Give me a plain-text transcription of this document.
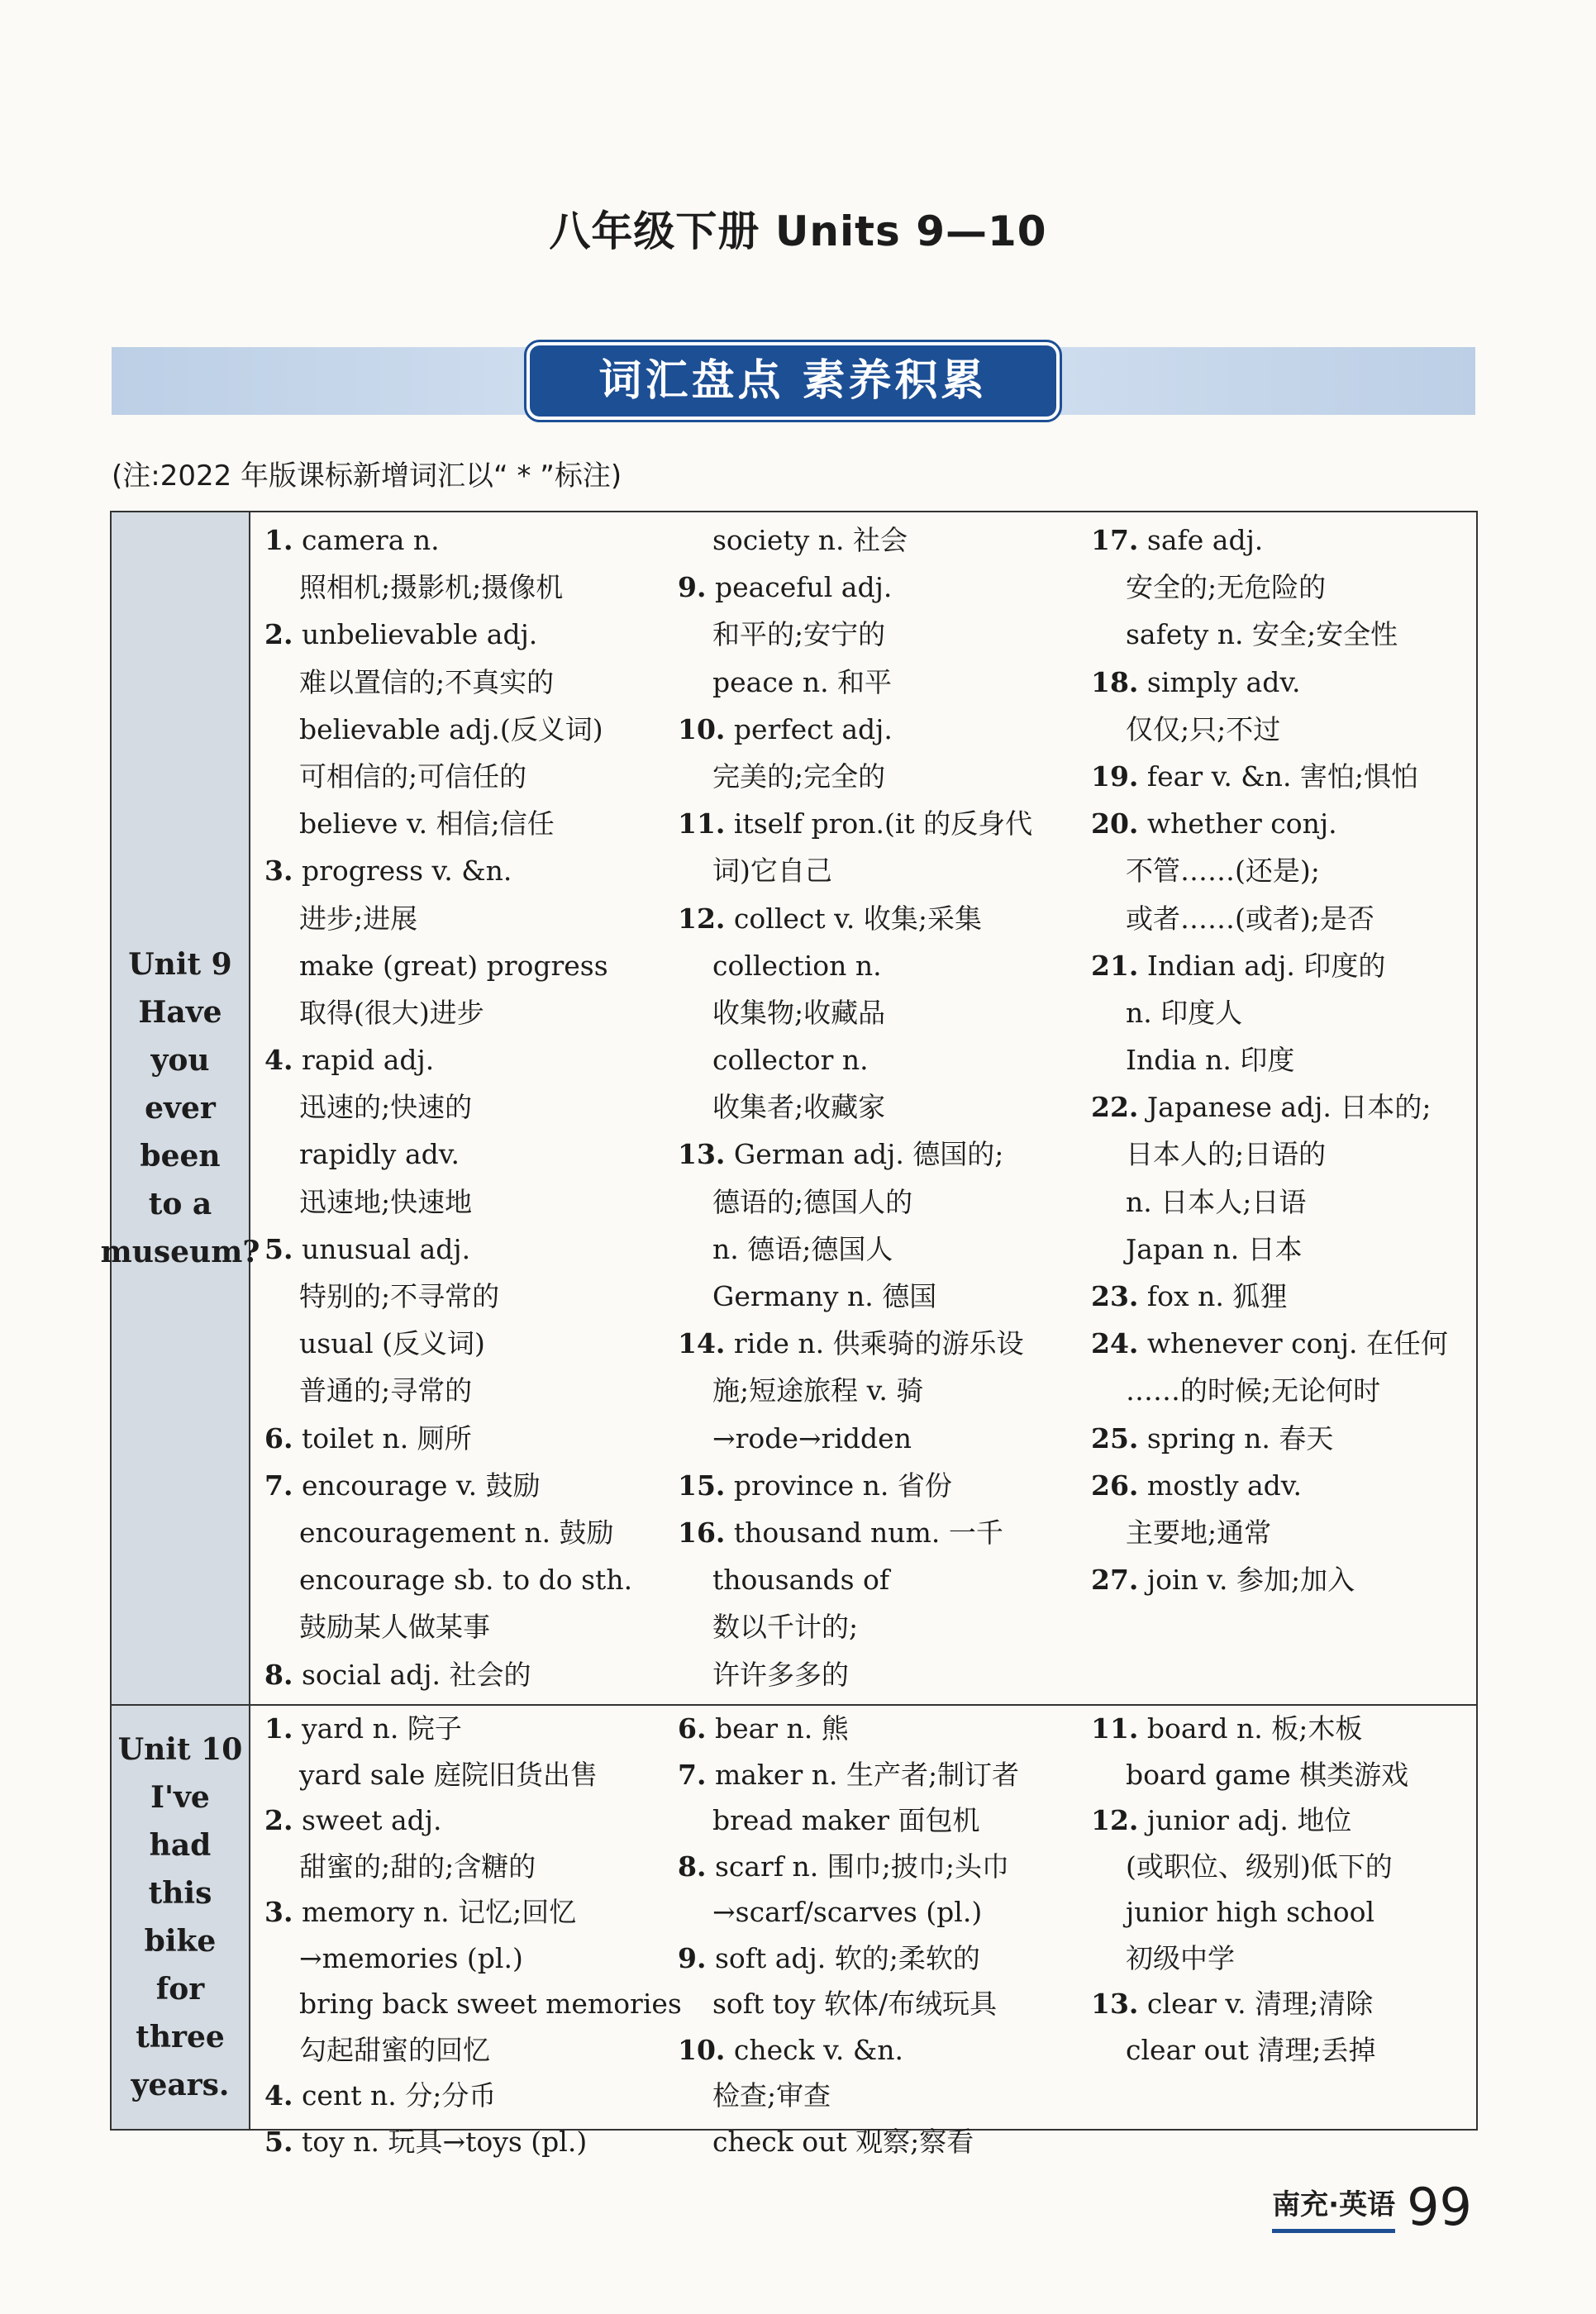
八年级下册 Units 9—10
词汇盘点 素养积累
(注:2022 年版课标新增词汇以“ * ”标注)
Unit 9
Have
you
ever
been
to a
museum?
1. camera n.
照相机;摄影机;摄像机
2. unbelievable adj.
难以置信的;不真实的
believable adj.(反义词)
可相信的;可信任的
believe v. 相信;信任
3. progress v. &n.
进步;进展
make (great) progress
取得(很大)进步
4. rapid adj.
迅速的;快速的
rapidly adv.
迅速地;快速地
5. unusual adj.
特别的;不寻常的
usual (反义词)
普通的;寻常的
6. toilet n. 厕所
7. encourage v. 鼓励
encouragement n. 鼓励
encourage sb. to do sth.
鼓励某人做某事
8. social adj. 社会的
society n. 社会
9. peaceful adj.
和平的;安宁的
peace n. 和平
10. perfect adj.
完美的;完全的
11. itself pron.(it 的反身代
词)它自己
12. collect v. 收集;采集
collection n.
收集物;收藏品
collector n.
收集者;收藏家
13. German adj. 德国的;
德语的;德国人的
n. 德语;德国人
Germany n. 德国
14. ride n. 供乘骑的游乐设
施;短途旅程 v. 骑
→rode→ridden
15. province n. 省份
16. thousand num. 一千
thousands of
数以千计的;
许许多多的
17. safe adj.
安全的;无危险的
safety n. 安全;安全性
18. simply adv.
仅仅;只;不过
19. fear v. &n. 害怕;惧怕
20. whether conj.
不管……(还是);
或者……(或者);是否
21. Indian adj. 印度的
n. 印度人
India n. 印度
22. Japanese adj. 日本的;
日本人的;日语的
n. 日本人;日语
Japan n. 日本
23. fox n. 狐狸
24. whenever conj. 在任何
……的时候;无论何时
25. spring n. 春天
26. mostly adv.
主要地;通常
27. join v. 参加;加入
Unit 10
I've
had
this
bike
for
three
years.
1. yard n. 院子
yard sale 庭院旧货出售
2. sweet adj.
甜蜜的;甜的;含糖的
3. memory n. 记忆;回忆
→memories (pl.)
bring back sweet memories
勾起甜蜜的回忆
4. cent n. 分;分币
5. toy n. 玩具→toys (pl.)
6. bear n. 熊
7. maker n. 生产者;制订者
bread maker 面包机
8. scarf n. 围巾;披巾;头巾
→scarf/scarves (pl.)
9. soft adj. 软的;柔软的
soft toy 软体/布绒玩具
10. check v. &n.
检查;审查
check out 观察;察看
11. board n. 板;木板
board game 棋类游戏
12. junior adj. 地位
(或职位、级别)低下的
junior high school
初级中学
13. clear v. 清理;清除
clear out 清理;丢掉
南充·英语 99
